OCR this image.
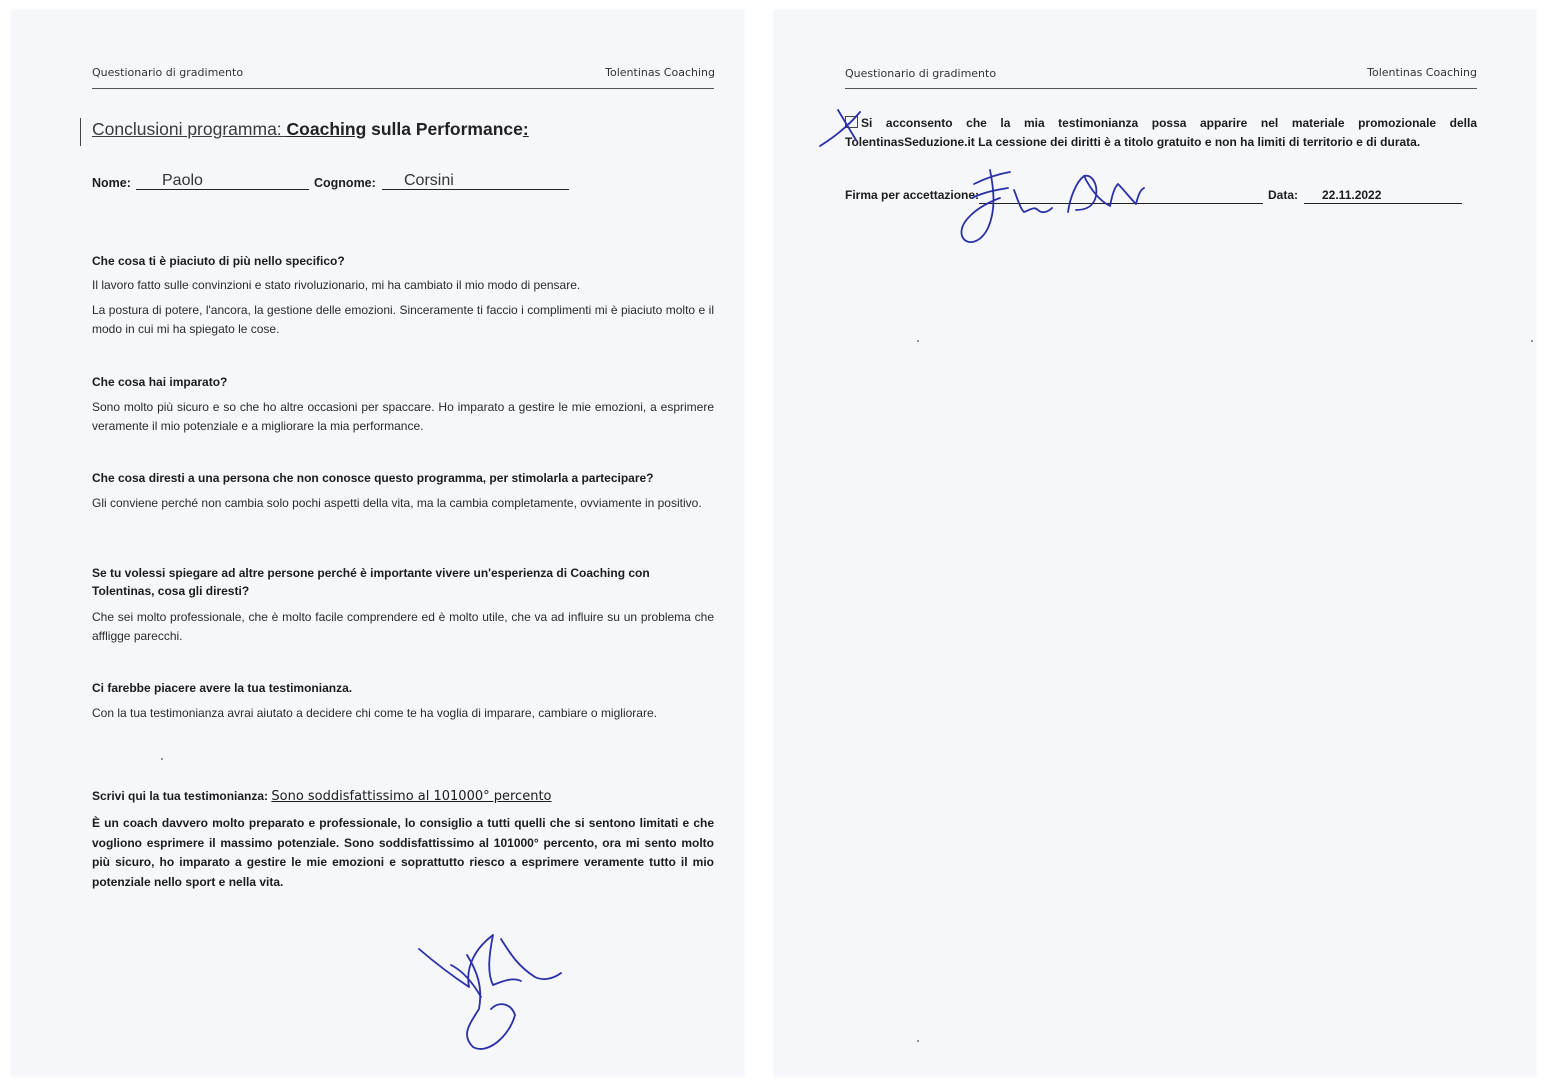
Questionario di gradimento	Tolentinas Coaching
Conclusioni programma: Coaching sulla Performance:
Nome: Paolo	Cognome: Corsini
Che cosa ti è piaciuto di più nello specifico?

Il lavoro fatto sulle convinzioni e stato rivoluzionario, mi ha cambiato il mio modo di pensare.

La postura di potere, l'ancora, la gestione delle emozioni. Sinceramente ti faccio i complimenti mi è piaciuto molto e il modo in cui mi ha spiegato le cose.

Che cosa hai imparato?

Sono molto più sicuro e so che ho altre occasioni per spaccare. Ho imparato a gestire le mie emozioni, a esprimere veramente il mio potenziale e a migliorare la mia performance.

Che cosa diresti a una persona che non conosce questo programma, per stimolarla a partecipare?

Gli conviene perché non cambia solo pochi aspetti della vita, ma la cambia completamente, ovviamente in positivo.

Se tu volessi spiegare ad altre persone perché è importante vivere un'esperienza di Coaching con Tolentinas, cosa gli diresti?

Che sei molto professionale, che è molto facile comprendere ed è molto utile, che va ad influire su un problema che affligge parecchi.

Ci farebbe piacere avere la tua testimonianza.

Con la tua testimonianza avrai aiutato a decidere chi come te ha voglia di imparare, cambiare o migliorare.

Scrivi qui la tua testimonianza: Sono soddisfattissimo al 101000° percento
È un coach davvero molto preparato e professionale, lo consiglio a tutti quelli che si sentono limitati e che vogliono esprimere il massimo potenziale. Sono soddisfattissimo al 101000° percento, ora mi sento molto più sicuro, ho imparato a gestire le mie emozioni e soprattutto riesco a esprimere veramente tutto il mio potenziale nello sport e nella vita.
Questionario di gradimento	Tolentinas Coaching
Si acconsento che la mia testimonianza possa apparire nel materiale promozionale della TolentinasSeduzione.it La cessione dei diritti è a titolo gratuito e non ha limiti di territorio e di durata.
Firma per accettazione:	Data: 22.11.2022
